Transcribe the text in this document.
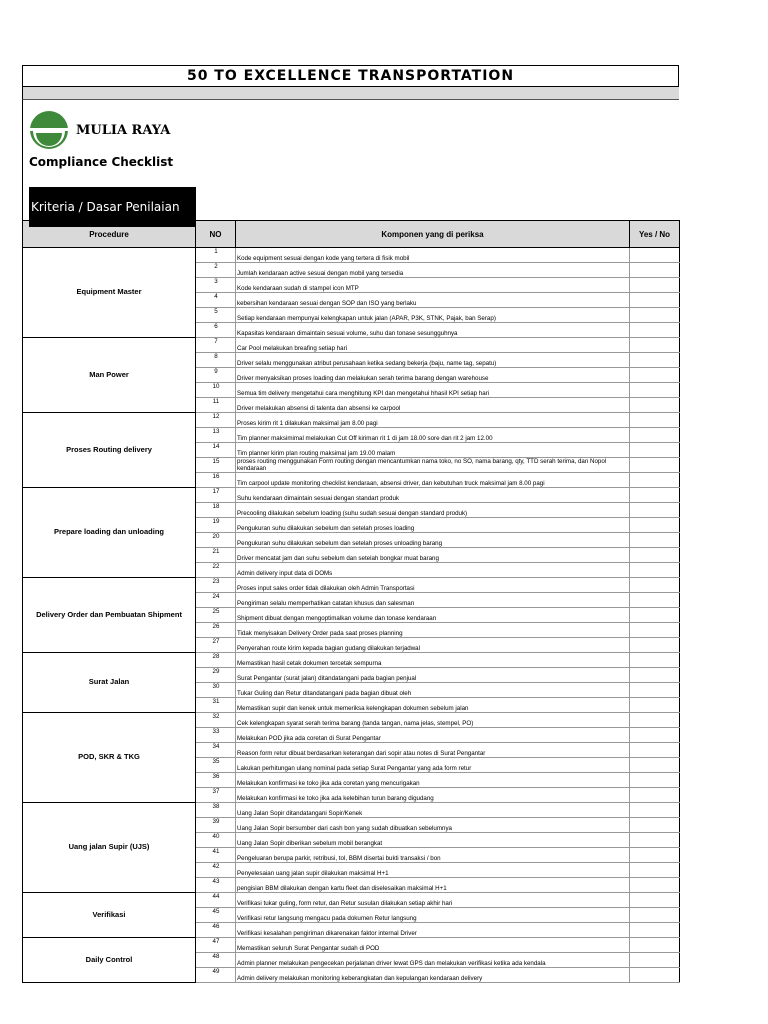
50 TO EXCELLENCE TRANSPORTATION
MULIA RAYA
Compliance Checklist
Kriteria / Dasar Penilaian
Procedure	NO	Komponen yang di periksa	Yes / No
Equipment Master	1	Kode equipment sesuai dengan kode yang tertera di fisik mobil	
	2	Jumlah kendaraan active sesuai dengan mobil yang tersedia	
	3	Kode kendaraan sudah di stampel icon MTP	
	4	kebersihan kendaraan sesuai dengan SOP dan ISO yang berlaku	
	5	Setiap kendaraan mempunyai kelengkapan untuk jalan (APAR, P3K, STNK, Pajak, ban Serap)	
	6	Kapasitas kendaraan dimaintain sesuai volume, suhu dan tonase sesungguhnya	
Man Power	7	Car Pool melakukan breafing setiap hari	
	8	Driver selalu menggunakan atribut perusahaan ketika sedang bekerja (baju, name tag, sepatu)	
	9	Driver menyaksikan proses loading dan melakukan serah terima barang dengan warehouse	
	10	Semua tim delivery mengetahui cara menghitung KPI dan mengetahui hhasil KPI setiap hari	
	11	Driver melakukan absensi di talenta dan absensi ke carpool	
Proses Routing delivery	12	Proses kirim rit 1 dilakukan maksimal jam 8.00 pagi	
	13	Tim planner maksimimal melakukan Cut Off kiriman rit 1 di jam 18.00 sore dan rit 2 jam 12.00	
	14	Tim planner kirim plan routing maksimal jam 19.00 malam	
	15	proses routing menggunakan Form routing dengan mencantumkan nama toko, no SO, nama barang, qty, TTD serah terima, dan Nopol kendaraan	
	16	Tim carpool update monitoring checklist kendaraan, absensi driver, dan kebutuhan truck maksimal jam 8.00 pagi	
Prepare loading dan unloading	17	Suhu kendaraan dimaintain sesuai dengan standart produk	
	18	Precooling dilakukan sebelum loading (suhu sudah sesuai dengan standard produk)	
	19	Pengukuran suhu dilakukan sebelum dan setelah proses loading	
	20	Pengukuran suhu dilakukan sebelum dan setelah proses unloading barang	
	21	Driver mencatat jam dan suhu sebelum dan setelah bongkar muat barang	
	22	Admin delivery input data di DOMs	
Delivery Order dan Pembuatan Shipment	23	Proses input sales order tidak dilakukan oleh Admin Transportasi	
	24	Pengiriman selalu memperhatikan catatan khusus dan salesman	
	25	Shipment dibuat dengan mengoptimalkan volume dan tonase kendaraan	
	26	Tidak menyisakan Delivery Order pada saat proses planning	
	27	Penyerahan route kirim kepada bagian gudang dilakukan terjadwal	
Surat Jalan	28	Memastikan hasil cetak dokumen tercetak sempurna	
	29	Surat Pengantar (surat jalan) ditandatangani pada bagian penjual	
	30	Tukar Guling dan Retur ditandatangani pada bagian dibuat oleh	
	31	Memastikan supir dan kenek untuk memeriksa kelengkapan dokumen sebelum jalan	
POD, SKR & TKG	32	Cek kelengkapan syarat serah terima barang (tanda tangan, nama jelas, stempel, PO)	
	33	Melakukan POD jika ada coretan di Surat Pengantar	
	34	Reason form retur dibuat berdasarkan keterangan dari sopir atau notes di Surat Pengantar	
	35	Lakukan perhitungan ulang nominal pada setiap Surat Pengantar yang ada form retur	
	36	Melakukan konfirmasi ke toko jika ada coretan yang mencurigakan	
	37	Melakukan konfirmasi ke toko jika ada kelebihan turun barang digudang	
Uang jalan Supir (UJS)	38	Uang Jalan Sopir ditandatangani Sopir/Kenek	
	39	Uang Jalan Sopir bersumber dari cash bon yang sudah dibuatkan sebelumnya	
	40	Uang Jalan Sopir diberikan sebelum mobil berangkat	
	41	Pengeluaran berupa parkir, retribusi, tol, BBM disertai bukti transaksi / bon	
	42	Penyelesaian uang jalan supir dilakukan maksimal H+1	
	43	pengisian BBM dilakukan dengan kartu fleet dan diselesaikan maksimal H+1	
Verifikasi	44	Verifikasi tukar guling, form retur, dan Retur susulan dilakukan setiap akhir hari	
	45	Verifikasi retur langsung mengacu pada dokumen Retur langsung	
	46	Verifikasi kesalahan pengiriman dikarenakan faktor internal Driver	
Daily Control	47	Memastikan seluruh Surat Pengantar sudah di POD	
	48	Admin planner melakukan pengecekan perjalanan driver lewat GPS dan melakukan verifikasi ketika ada kendala	
	49	Admin delivery melakukan monitoring keberangkatan dan kepulangan kendaraan delivery	
